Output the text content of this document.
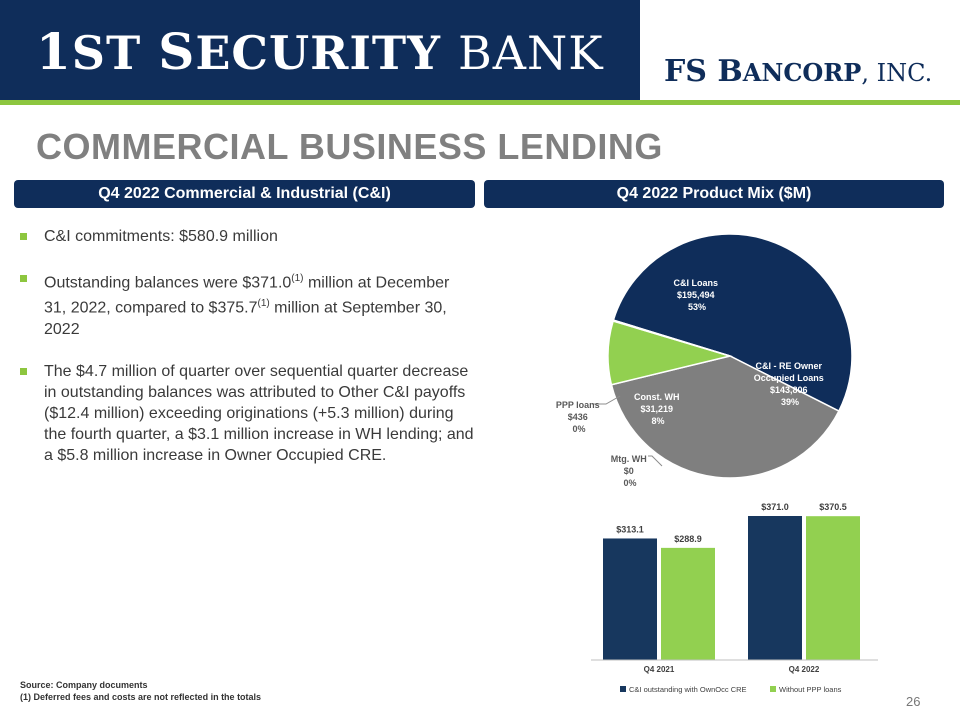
1ST SECURITY BANK FS BANCORP, INC.
COMMERCIAL BUSINESS LENDING
Q4 2022 Commercial & Industrial (C&I)	Q4 2022 Product Mix ($M)
C&I commitments: $580.9 million
Outstanding balances were $371.0$^{(1)}$ million at December 31, 2022, compared to $375.7$^{(1)}$ million at September 30, 2022
The $4.7 million of quarter over sequential quarter decrease in outstanding balances was attributed to Other C&I payoffs ($12.4 million) exceeding originations (+5.3 million) during the fourth quarter, a $3.1 million increase in WH lending; and a $5.8 million increase in Owner Occupied CRE.
C&I Loans $195,494 53%
C&I - RE Owner Occupied Loans $143,806 39%
Const. WH $31,219 8%
PPP loans $436 0%
Mtg. WH $0 0%
$313.1
$371.0
$288.9
$370.5
Q4 2021	Q4 2022
C&I outstanding with OwnOcc CRE	Without PPP loans
Source: Company documents
(1) Deferred fees and costs are not reflected in the totals	26
